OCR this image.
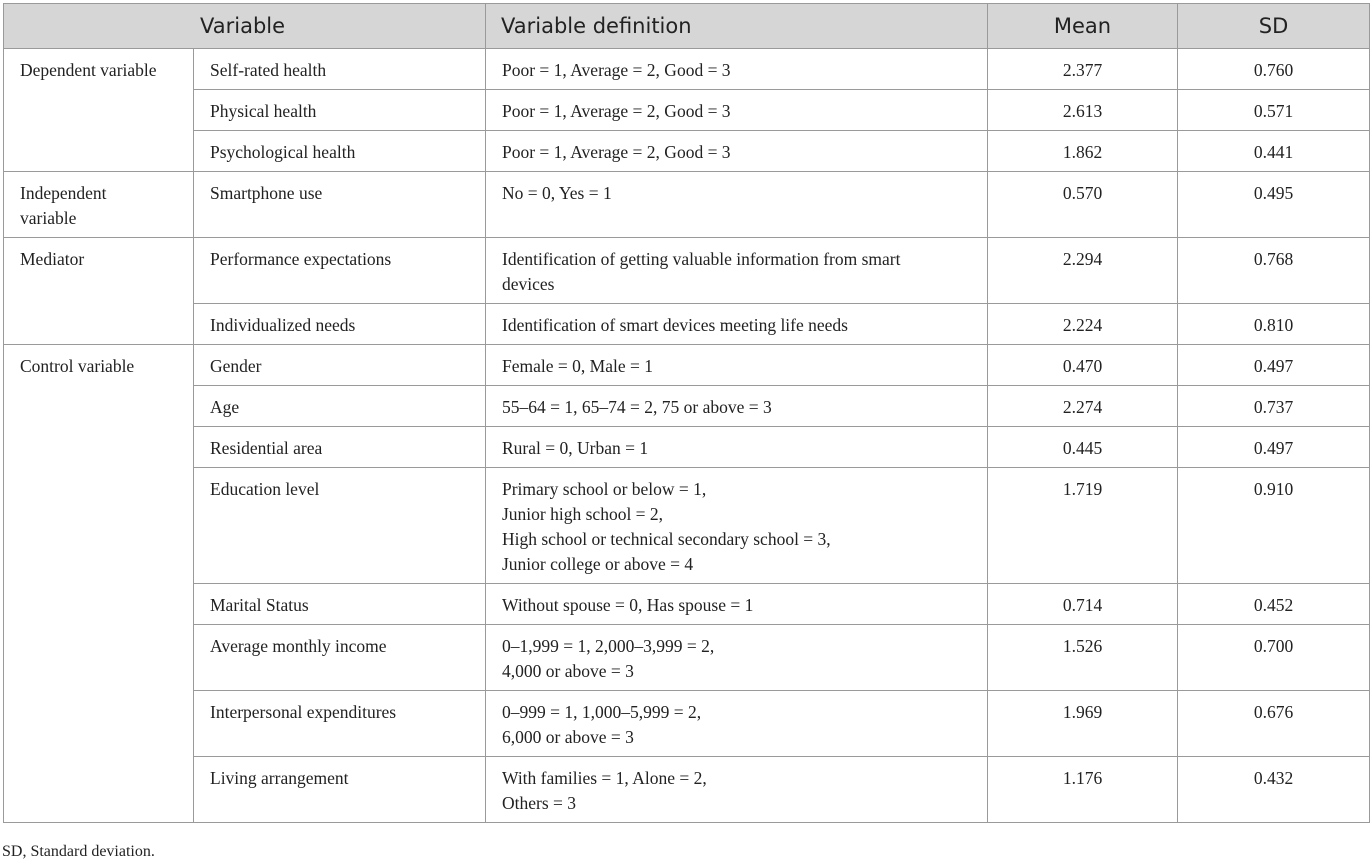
Variable		Variable definition	Mean	SD
Dependent variable	Self-rated health	Poor = 1, Average = 2, Good = 3	2.377	0.760
	Physical health	Poor = 1, Average = 2, Good = 3	2.613	0.571
	Psychological health	Poor = 1, Average = 2, Good = 3	1.862	0.441

Independent
variable	Smartphone use	No = 0, Yes = 1	0.570	0.495
Mediator	Performance expectations	Identification of getting valuable information from smart
devices	2.294	0.768
	Individualized needs	Identification of smart devices meeting life needs	2.224	0.810
Control variable	Gender	Female = 0, Male = 1	0.470	0.497
	Age	55–64 = 1, 65–74 = 2, 75 or above = 3	2.274	0.737
	Residential area	Rural = 0, Urban = 1	0.445	0.497
	Education level	Primary school or below = 1,
Junior high school = 2,
High school or technical secondary school = 3,
Junior college or above = 4	1.719	0.910
	Marital Status	Without spouse = 0, Has spouse = 1	0.714	0.452
	Average monthly income	0–1,999 = 1, 2,000–3,999 = 2,
4,000 or above = 3	1.526	0.700
	Interpersonal expenditures	0–999 = 1, 1,000–5,999 = 2,
6,000 or above = 3	1.969	0.676
	Living arrangement	With families = 1, Alone = 2,
Others = 3	1.176	0.432
SD, Standard deviation.
